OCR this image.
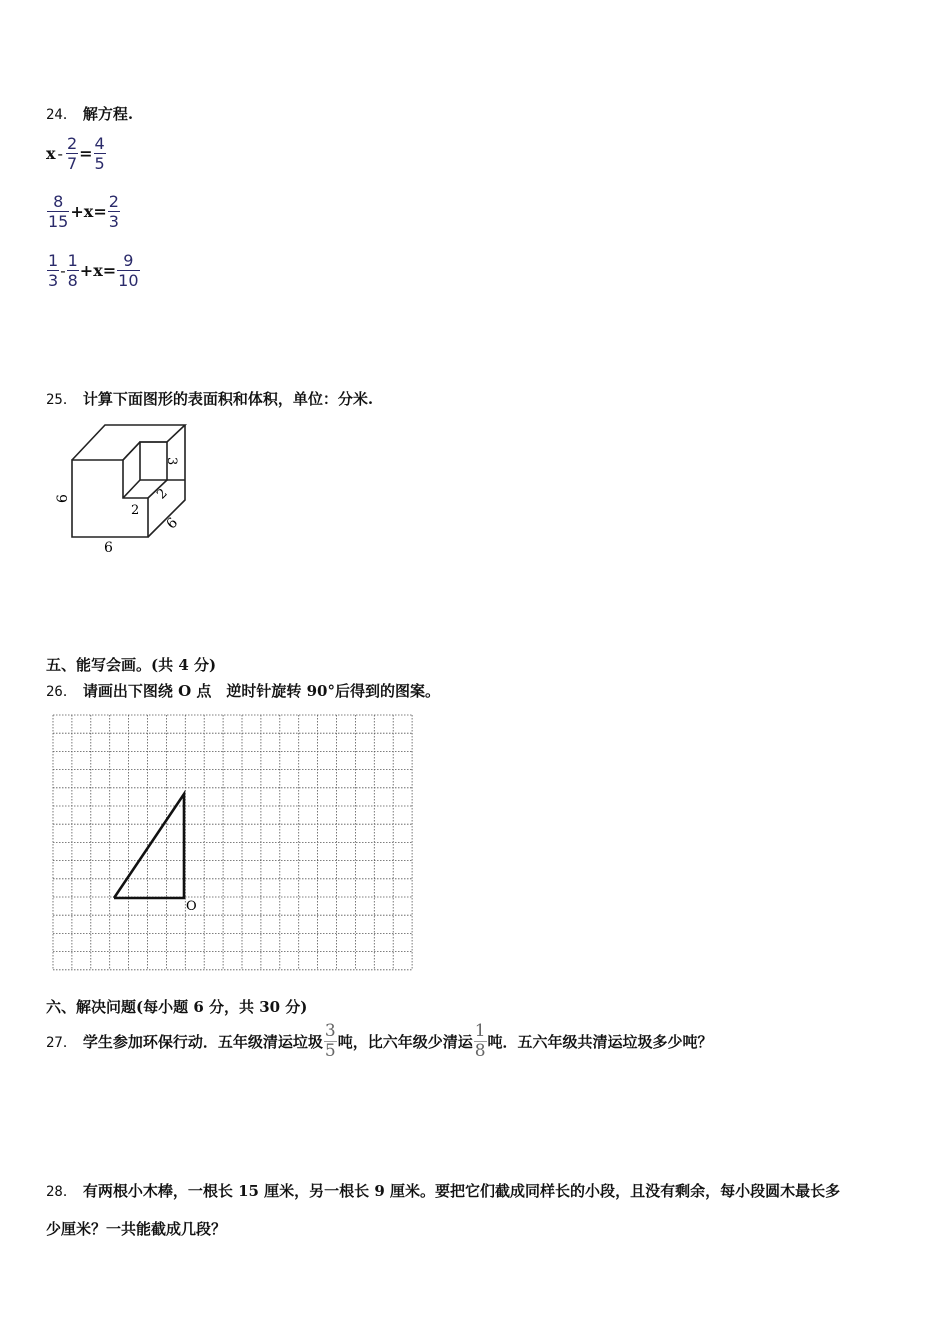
24． 解方程.
$x - \frac{2}{7} = \frac{4}{5}$
$\frac{8}{15} + x = \frac{2}{3}$
$\frac{1}{3} - \frac{1}{8} + x = \frac{9}{10}$
25． 计算下面图形的表面积和体积，单位：分米.
6
6
6
3
2
2
五、能写会画。(共 4 分)
26． 请画出下图绕 O 点　逆时针旋转 90°后得到的图案。
O
六、解决问题(每小题 6 分，共 30 分)
27． 学生参加环保行动．五年级清运垃圾 $\frac{3}{5}$ 吨，比六年级少清运 $\frac{1}{8}$ 吨．五六年级共清运垃圾多少吨？
28． 有两根小木棒，一根长 15 厘米，另一根长 9 厘米。要把它们截成同样长的小段，且没有剩余，每小段圆木最长多
少厘米？一共能截成几段？
